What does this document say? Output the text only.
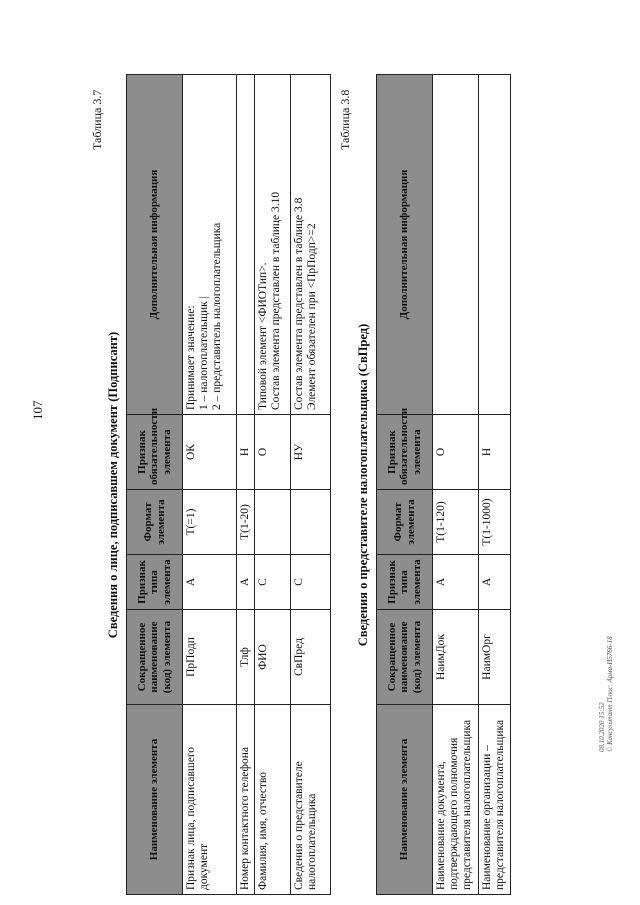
107
Таблица 3.7
Сведения о лице, подписавшем документ (Подписант)
Наименование элемента	Сокращенное наименование (код) элемента	Признак типа элемента	Формат элемента	Признак обязательности элемента	Дополнительная информация
Признак лица, подписавшего документ	ПрПодп	А	Т(=1)	ОК	Принимает значение: 1 – налогоплательщик | 2 – представитель налогоплательщика

Номер контактного телефона	Тлф	А	Т(1-20)	Н	
Фамилия, имя, отчество	ФИО	С		О	Типовой элемент <ФИОТип>. Состав элемента представлен в таблице 3.10

Сведения о представителе налогоплательщика	СвПред	С		НУ	Состав элемента представлен в таблице 3.8 Элемент обязателен при <ПрПодп>=2
Таблица 3.8
Сведения о представителе налогоплательщика (СвПред)
Наименование элемента	Сокращенное наименование (код) элемента	Признак типа элемента	Формат элемента	Признак обязательности элемента	Дополнительная информация
Наименование документа, подтверждающего полномочия представителя налогоплательщика	НаимДок	А	Т(1-120)	О	
Наименование организации – представителя налогоплательщика	НаимОрг	А	Т(1-1000)	Н	
08.10.2020 15:52 © Консультант Плюс: Арма-И5766-18
